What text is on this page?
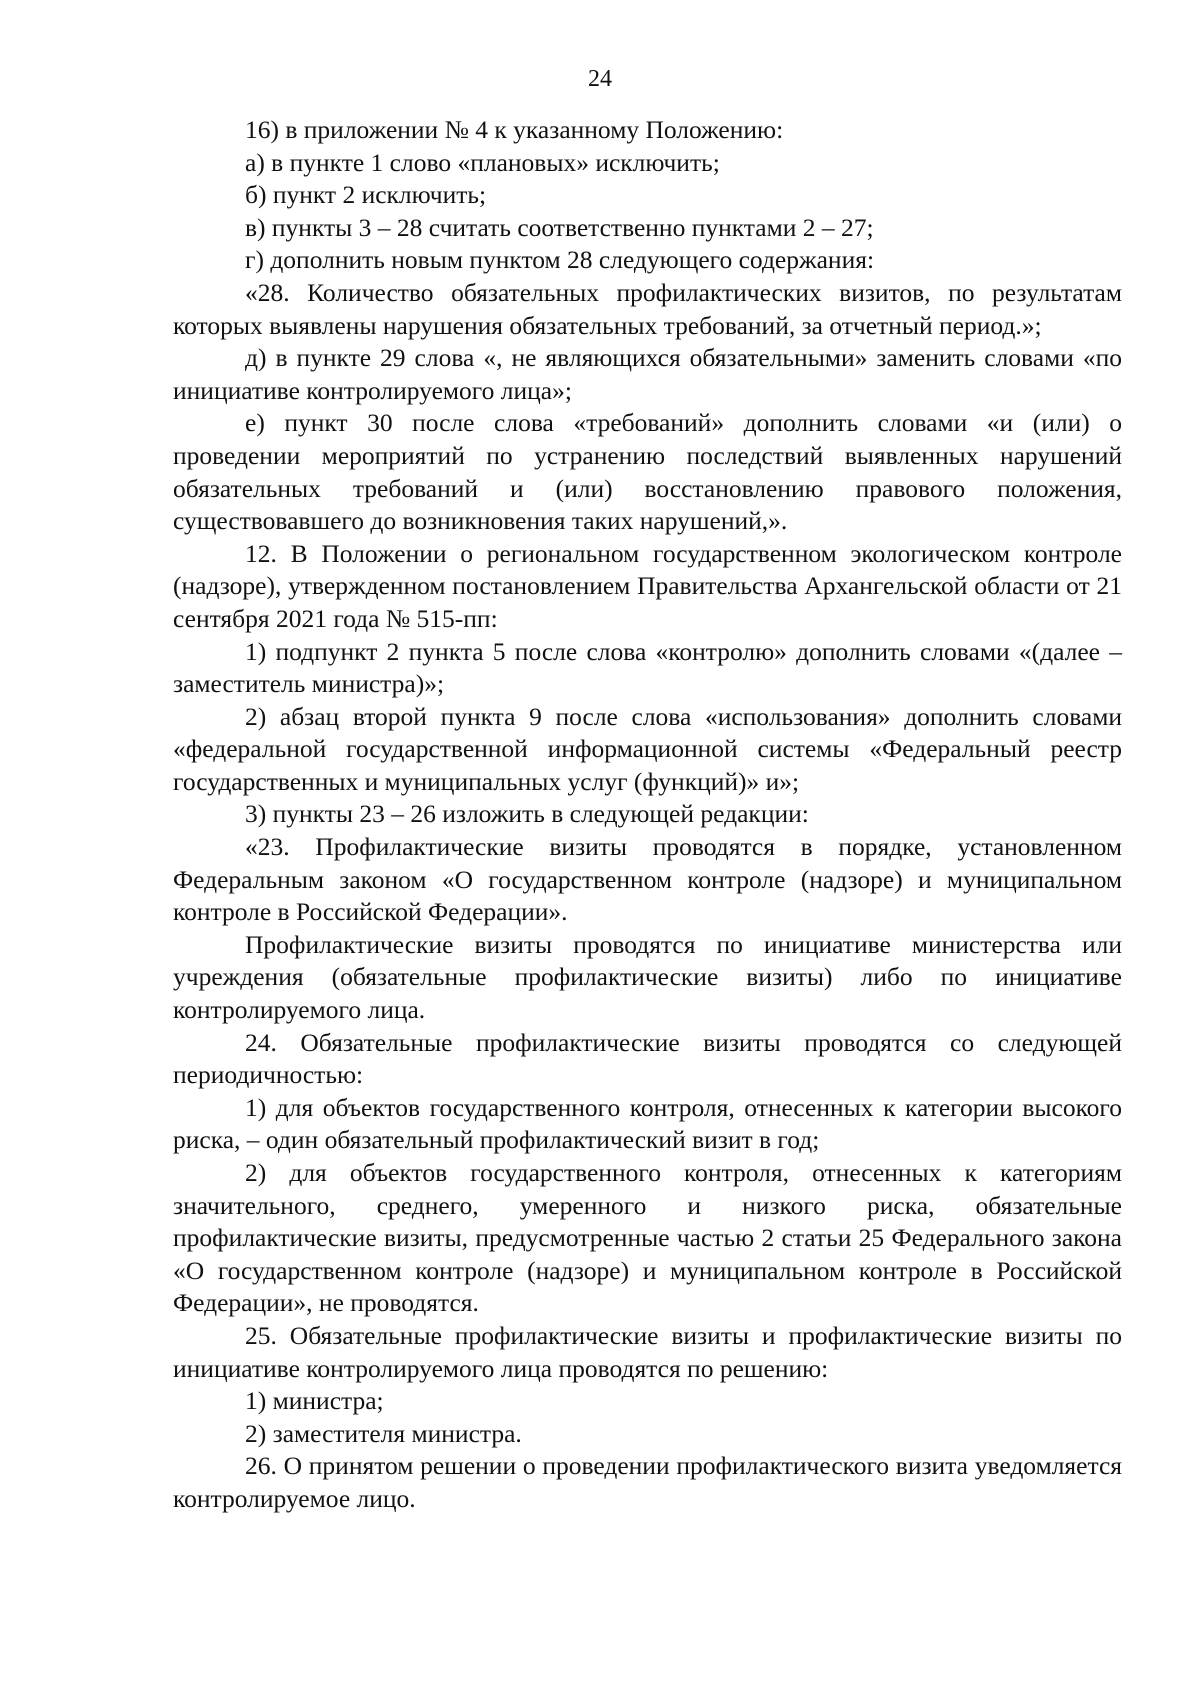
24

16) в приложении № 4 к указанному Положению:

а) в пункте 1 слово «плановых» исключить;

б) пункт 2 исключить;

в) пункты 3 – 28 считать соответственно пунктами 2 – 27;

г) дополнить новым пунктом 28 следующего содержания:

«28. Количество обязательных профилактических визитов, по результатам которых выявлены нарушения обязательных требований, за отчетный период.»;

д) в пункте 29 слова «, не являющихся обязательными» заменить словами «по инициативе контролируемого лица»;

е) пункт 30 после слова «требований» дополнить словами «и (или) о проведении мероприятий по устранению последствий выявленных нарушений обязательных требований и (или) восстановлению правового положения, существовавшего до возникновения таких нарушений,».

12. В Положении о региональном государственном экологическом контроле (надзоре), утвержденном постановлением Правительства Архангельской области от 21 сентября 2021 года № 515-пп:

1) подпункт 2 пункта 5 после слова «контролю» дополнить словами «(далее – заместитель министра)»;

2) абзац второй пункта 9 после слова «использования» дополнить словами «федеральной государственной информационной системы «Федеральный реестр государственных и муниципальных услуг (функций)» и»;

3) пункты 23 – 26 изложить в следующей редакции:

«23. Профилактические визиты проводятся в порядке, установленном Федеральным законом «О государственном контроле (надзоре) и муниципальном контроле в Российской Федерации».

Профилактические визиты проводятся по инициативе министерства или учреждения (обязательные профилактические визиты) либо по инициативе контролируемого лица.

24. Обязательные профилактические визиты проводятся со следующей периодичностью:

1) для объектов государственного контроля, отнесенных к категории высокого риска, – один обязательный профилактический визит в год;

2) для объектов государственного контроля, отнесенных к категориям значительного, среднего, умеренного и низкого риска, обязательные профилактические визиты, предусмотренные частью 2 статьи 25 Федерального закона «О государственном контроле (надзоре) и муниципальном контроле в Российской Федерации», не проводятся.

25. Обязательные профилактические визиты и профилактические визиты по инициативе контролируемого лица проводятся по решению:

1) министра;

2) заместителя министра.

26. О принятом решении о проведении профилактического визита уведомляется контролируемое лицо.
